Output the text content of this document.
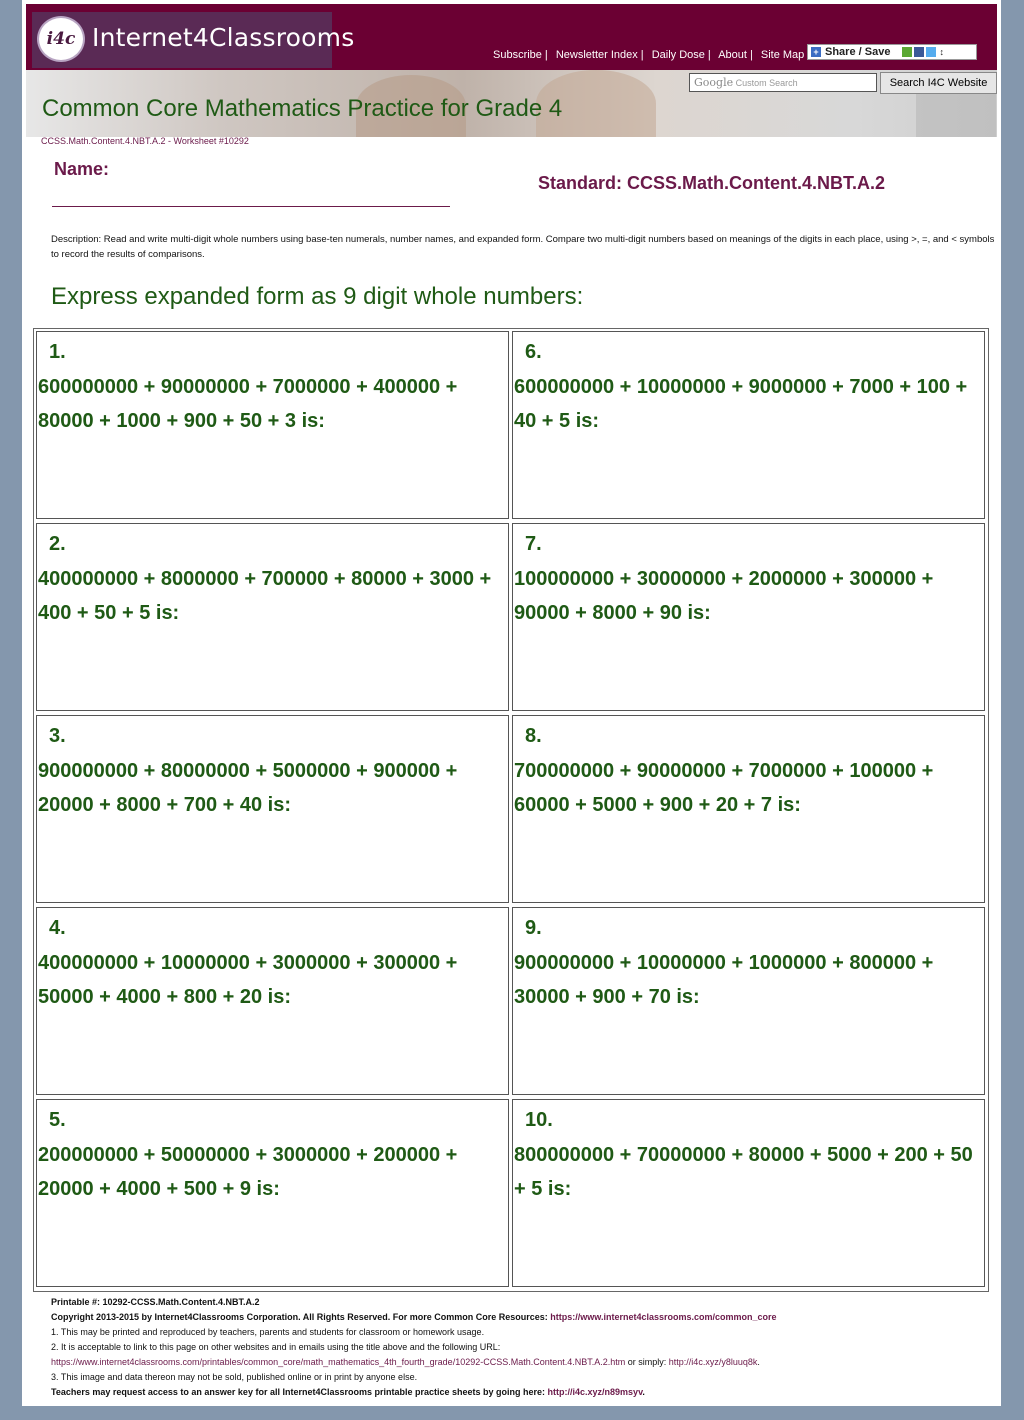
i4c Internet4Classrooms
Subscribe | Newsletter Index | Daily Dose | About | Site Map	+ Share / Save	↕
Google Custom Search	Search I4C Website
Common Core Mathematics Practice for Grade 4
CCSS.Math.Content.4.NBT.A.2 - Worksheet #10292
Name:
Standard: CCSS.Math.Content.4.NBT.A.2
Description: Read and write multi-digit whole numbers using base-ten numerals, number names, and expanded form. Compare two multi-digit numbers based on meanings of the digits in each place, using >, =, and < symbols to record the results of comparisons.
Express expanded form as 9 digit whole numbers:
1.
600000000 + 90000000 + 7000000 + 400000 + 80000 + 1000 + 900 + 50 + 3 is:
2.
400000000 + 8000000 + 700000 + 80000 + 3000 + 400 + 50 + 5 is:
3.
900000000 + 80000000 + 5000000 + 900000 + 20000 + 8000 + 700 + 40 is:
4.
400000000 + 10000000 + 3000000 + 300000 + 50000 + 4000 + 800 + 20 is:
5.
200000000 + 50000000 + 3000000 + 200000 + 20000 + 4000 + 500 + 9 is:
6.
600000000 + 10000000 + 9000000 + 7000 + 100 + 40 + 5 is:
7.
100000000 + 30000000 + 2000000 + 300000 + 90000 + 8000 + 90 is:
8.
700000000 + 90000000 + 7000000 + 100000 + 60000 + 5000 + 900 + 20 + 7 is:
9.
900000000 + 10000000 + 1000000 + 800000 + 30000 + 900 + 70 is:
10.
800000000 + 70000000 + 80000 + 5000 + 200 + 50 + 5 is:
Printable #: 10292-CCSS.Math.Content.4.NBT.A.2
Copyright 2013-2015 by Internet4Classrooms Corporation. All Rights Reserved. For more Common Core Resources: https://www.internet4classrooms.com/common_core
1. This may be printed and reproduced by teachers, parents and students for classroom or homework usage.
2. It is acceptable to link to this page on other websites and in emails using the title above and the following URL:
https://www.internet4classrooms.com/printables/common_core/math_mathematics_4th_fourth_grade/10292-CCSS.Math.Content.4.NBT.A.2.htm or simply: http://i4c.xyz/y8luuq8k.
3. This image and data thereon may not be sold, published online or in print by anyone else.
Teachers may request access to an answer key for all Internet4Classrooms printable practice sheets by going here: http://i4c.xyz/n89msyv.
